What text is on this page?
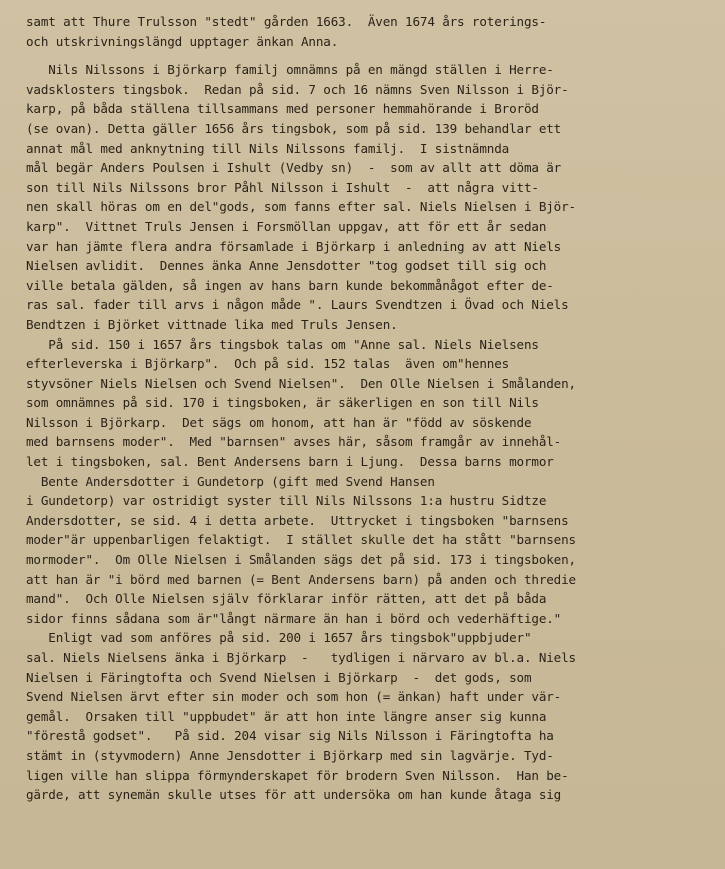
samt att Thure Trulsson "stedt" gården 1663.  Även 1674 års roterings-
och utskrivningslängd upptager änkan Anna.
Nils Nilssons i Björkarp familj omnämns på en mängd ställen i Herre-
vadsklosters tingsbok.  Redan på sid. 7 och 16 nämns Sven Nilsson i Björ-
karp, på båda ställena tillsammans med personer hemmahörande i Broröd
(se ovan). Detta gäller 1656 års tingsbok, som på sid. 139 behandlar ett
annat mål med anknytning till Nils Nilssons familj.  I sistnämnda
mål begär Anders Poulsen i Ishult (Vedby sn)  -  som av allt att döma är
son till Nils Nilssons bror Påhl Nilsson i Ishult  -  att några vitt-
nen skall höras om en del"gods, som fanns efter sal. Niels Nielsen i Björ-
karp".  Vittnet Truls Jensen i Forsmöllan uppgav, att för ett år sedan
var han jämte flera andra församlade i Björkarp i anledning av att Niels
Nielsen avlidit.  Dennes änka Anne Jensdotter "tog godset till sig och
ville betala gälden, så ingen av hans barn kunde bekommånågot efter de-
ras sal. fader till arvs i någon måde ". Laurs Svendtzen i Övad och Niels
Bendtzen i Björket vittnade lika med Truls Jensen.
På sid. 150 i 1657 års tingsbok talas om "Anne sal. Niels Nielsens
efterleverska i Björkarp".  Och på sid. 152 talas  även om"hennes
styvsöner Niels Nielsen och Svend Nielsen".  Den Olle Nielsen i Smålanden,
som omnämnes på sid. 170 i tingsboken, är säkerligen en son till Nils
Nilsson i Björkarp.  Det sägs om honom, att han är "född av söskende
med barnsens moder".  Med "barnsen" avses här, såsom framgår av innehål-
let i tingsboken, sal. Bent Andersens barn i Ljung.  Dessa barns mormor
Bente Andersdotter i Gundetorp (gift med Svend Hansen
i Gundetorp) var ostridigt syster till Nils Nilssons 1:a hustru Sidtze
Andersdotter, se sid. 4 i detta arbete.  Uttrycket i tingsboken "barnsens
moder"är uppenbarligen felaktigt.  I stället skulle det ha stått "barnsens
mormoder".  Om Olle Nielsen i Smålanden sägs det på sid. 173 i tingsboken,
att han är "i börd med barnen (= Bent Andersens barn) på anden och thredie
mand".  Och Olle Nielsen själv förklarar inför rätten, att det på båda
sidor finns sådana som är"långt närmare än han i börd och vederhäftige."
Enligt vad som anföres på sid. 200 i 1657 års tingsbok"uppbjuder"
sal. Niels Nielsens änka i Björkarp  -   tydligen i närvaro av bl.a. Niels
Nielsen i Färingtofta och Svend Nielsen i Björkarp  -  det gods, som
Svend Nielsen ärvt efter sin moder och som hon (= änkan) haft under vär-
gemål.  Orsaken till "uppbudet" är att hon inte längre anser sig kunna
"förestå godset".   På sid. 204 visar sig Nils Nilsson i Färingtofta ha
stämt in (styvmodern) Anne Jensdotter i Björkarp med sin lagvärje. Tyd-
ligen ville han slippa förmynderskapet för brodern Sven Nilsson.  Han be-
gärde, att synemän skulle utses för att undersöka om han kunde åtaga sig
